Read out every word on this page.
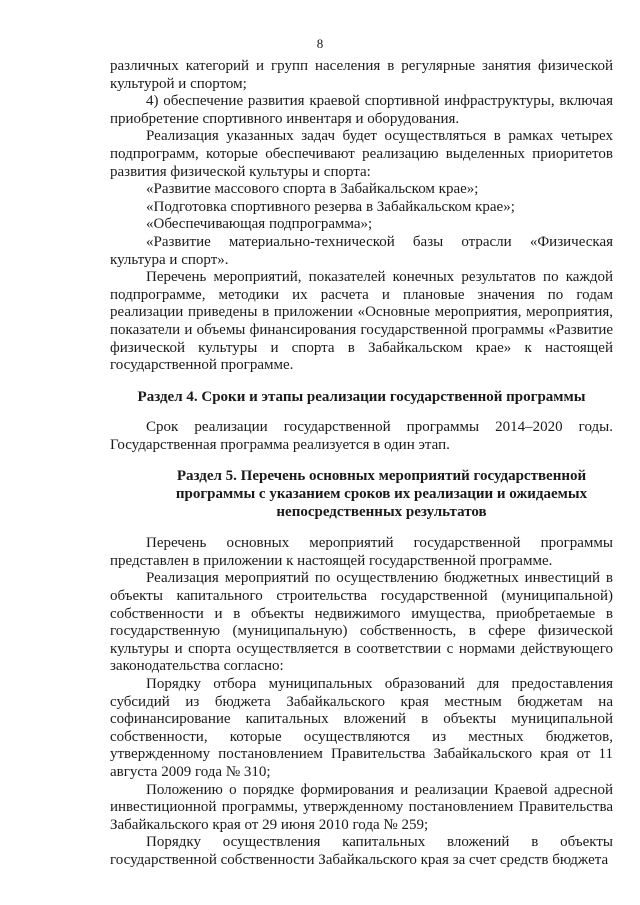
8

различных категорий и групп населения в регулярные занятия физической культурой и спортом;

4) обеспечение развития краевой спортивной инфраструктуры, включая приобретение спортивного инвентаря и оборудования.

Реализация указанных задач будет осуществляться в рамках четырех подпрограмм, которые обеспечивают реализацию выделенных приоритетов развития физической культуры и спорта:

«Развитие массового спорта в Забайкальском крае»;

«Подготовка спортивного резерва в Забайкальском крае»;

«Обеспечивающая подпрограмма»;

«Развитие материально-технической базы отрасли «Физическая культура и спорт».

Перечень мероприятий, показателей конечных результатов по каждой подпрограмме, методики их расчета и плановые значения по годам реализации приведены в приложении «Основные мероприятия, мероприятия, показатели и объемы финансирования государственной программы «Развитие физической культуры и спорта в Забайкальском крае» к настоящей государственной программе.

Раздел 4. Сроки и этапы реализации государственной программы

Срок реализации государственной программы 2014–2020 годы. Государственная программа реализуется в один этап.

Раздел 5. Перечень основных мероприятий государственной программы с указанием сроков их реализации и ожидаемых непосредственных результатов

Перечень основных мероприятий государственной программы представлен в приложении к настоящей государственной программе.

Реализация мероприятий по осуществлению бюджетных инвестиций в объекты капитального строительства государственной (муниципальной) собственности и в объекты недвижимого имущества, приобретаемые в государственную (муниципальную) собственность, в сфере физической культуры и спорта осуществляется в соответствии с нормами действующего законодательства согласно:

Порядку отбора муниципальных образований для предоставления субсидий из бюджета Забайкальского края местным бюджетам на софинансирование капитальных вложений в объекты муниципальной собственности, которые осуществляются из местных бюджетов, утвержденному постановлением Правительства Забайкальского края от 11 августа 2009 года № 310;

Положению о порядке формирования и реализации Краевой адресной инвестиционной программы, утвержденному постановлением Правительства Забайкальского края от 29 июня 2010 года № 259;

Порядку осуществления капитальных вложений в объекты государственной собственности Забайкальского края за счет средств бюджета
